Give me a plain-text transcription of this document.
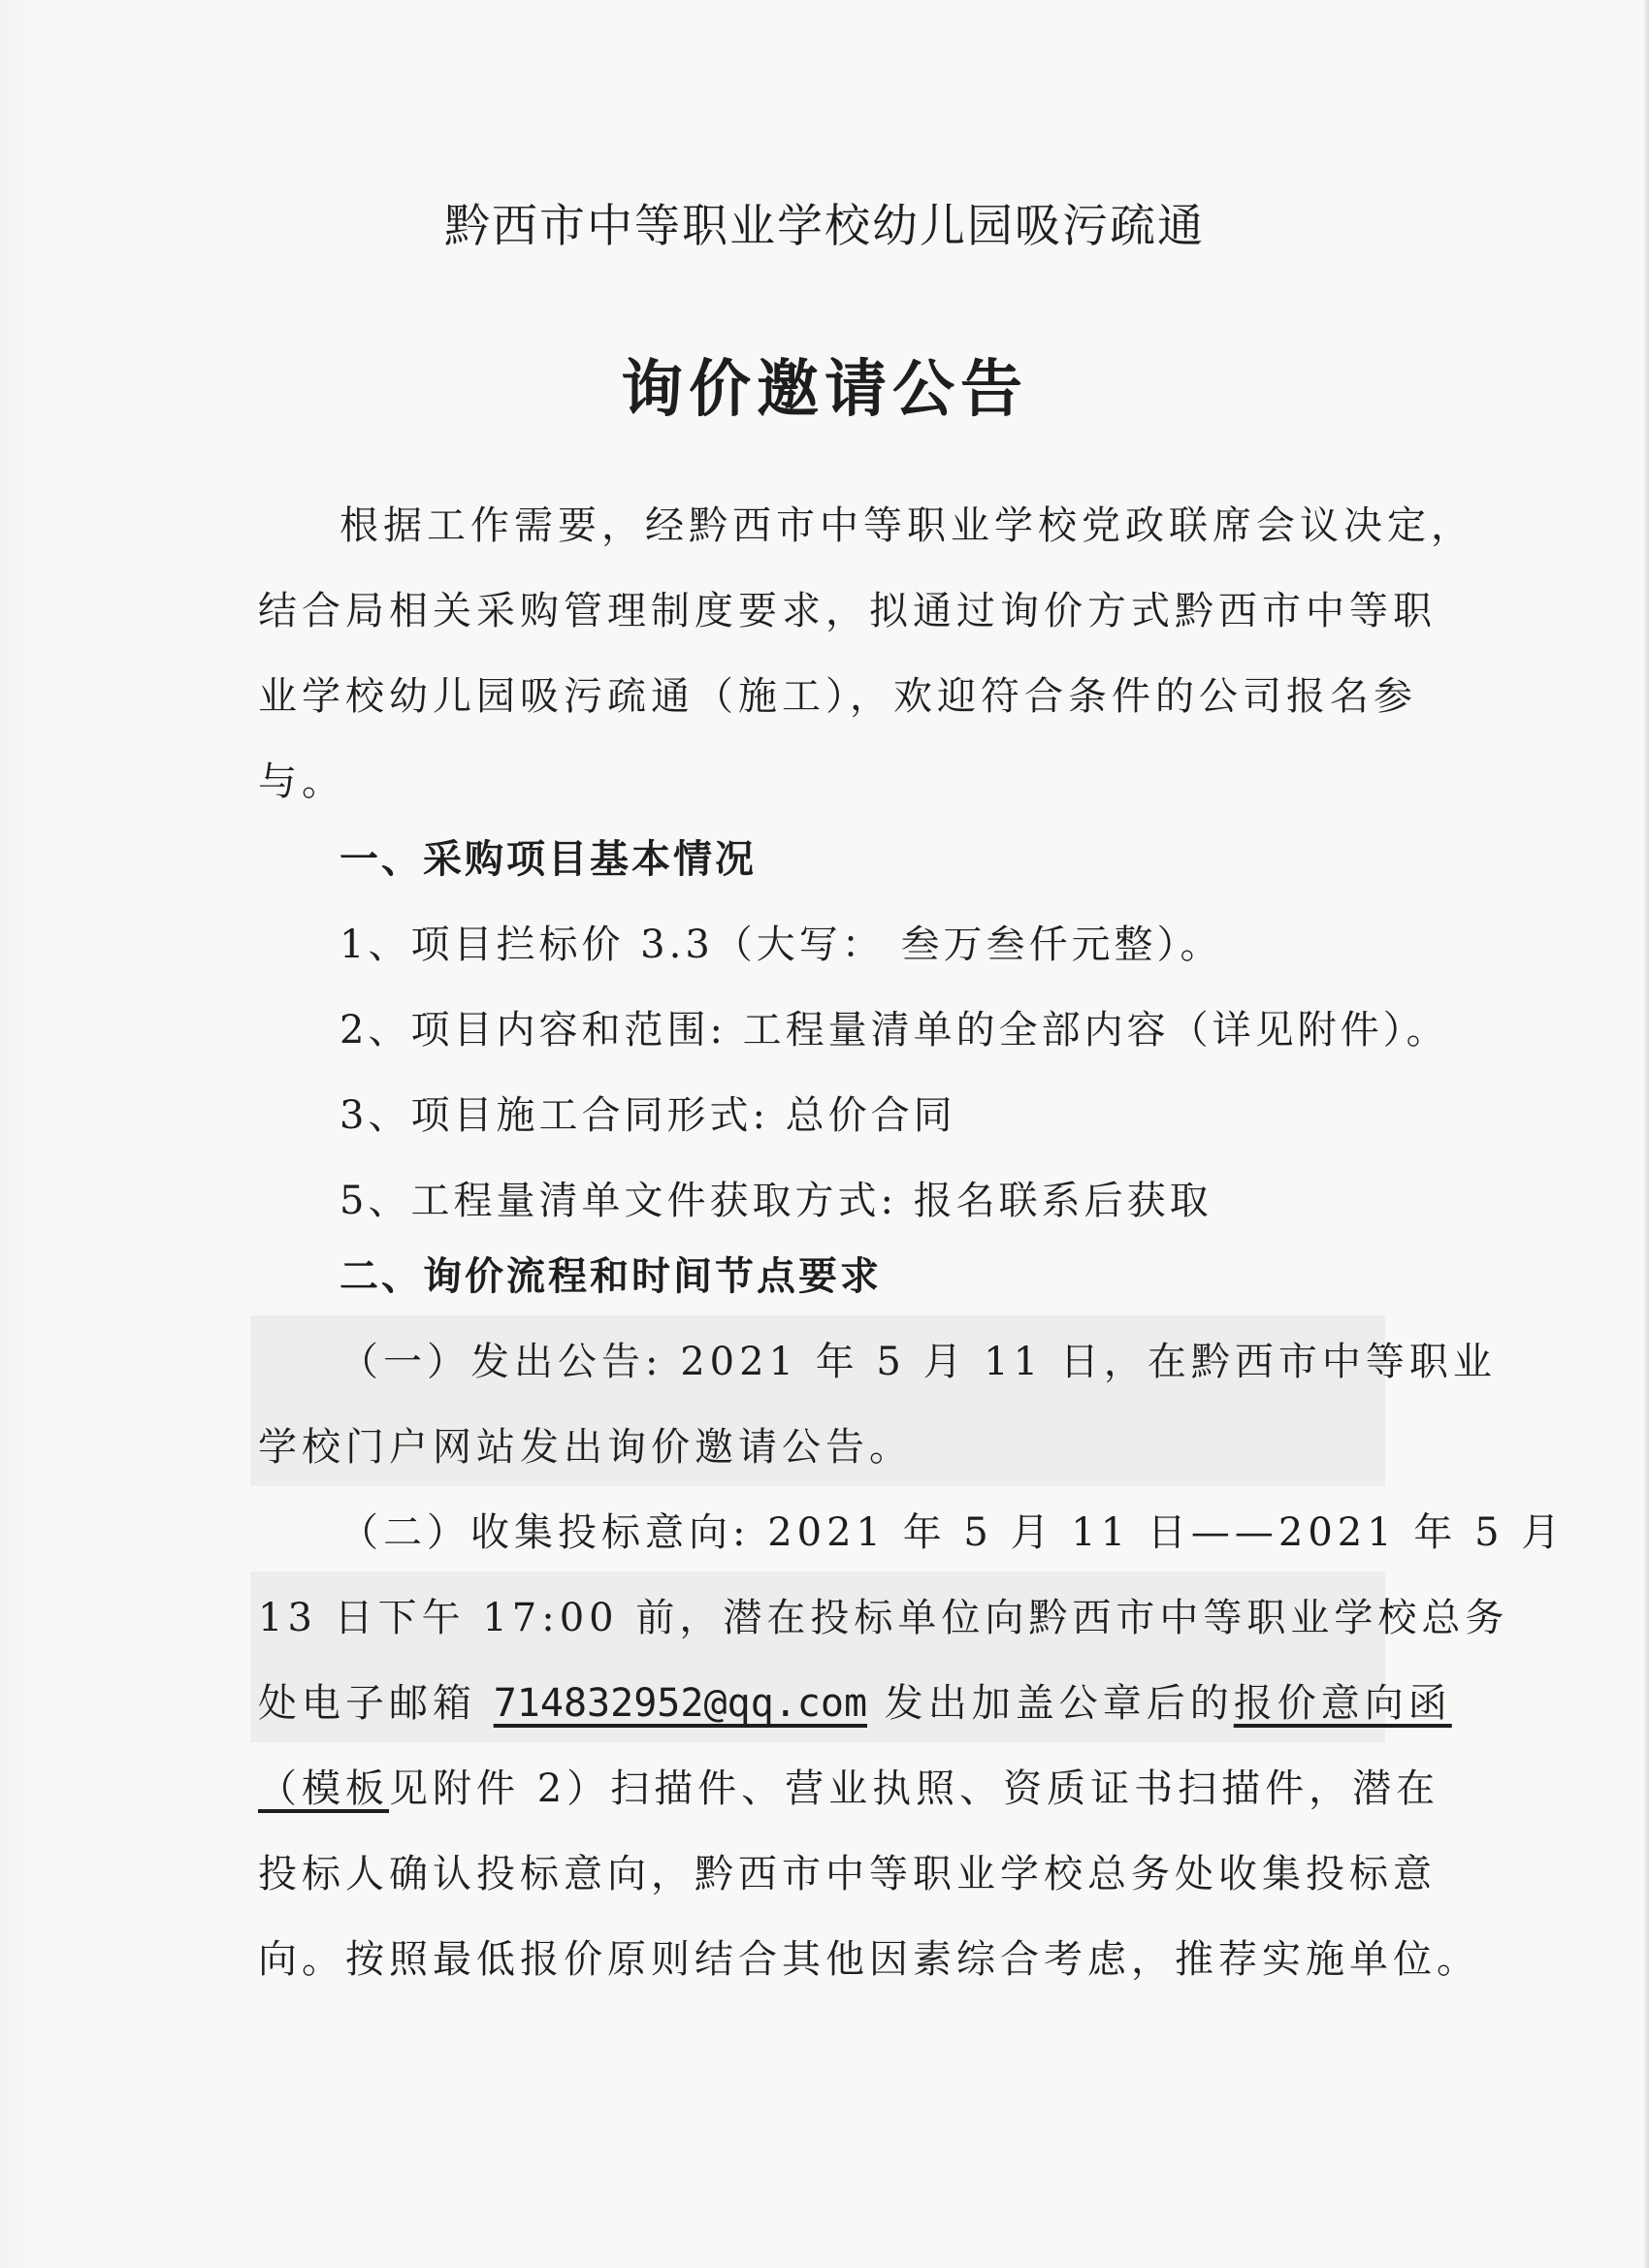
黔西市中等职业学校幼儿园吸污疏通
询价邀请公告
根据工作需要，经黔西市中等职业学校党政联席会议决定，
结合局相关采购管理制度要求，拟通过询价方式黔西市中等职
业学校幼儿园吸污疏通（施工），欢迎符合条件的公司报名参
与。
一、采购项目基本情况
1、项目拦标价 3.3（大写： 叁万叁仟元整）。
2、项目内容和范围: 工程量清单的全部内容（详见附件）。
3、项目施工合同形式: 总价合同
5、工程量清单文件获取方式: 报名联系后获取
二、询价流程和时间节点要求
（一）发出公告: 2021 年 5 月 11 日，在黔西市中等职业
学校门户网站发出询价邀请公告。
（二）收集投标意向: 2021 年 5 月 11 日——2021 年 5 月
13 日下午 17:00 前，潜在投标单位向黔西市中等职业学校总务
处电子邮箱 714832952@qq.com 发出加盖公章后的报价意向函
（模板见附件 2）扫描件、营业执照、资质证书扫描件，潜在
投标人确认投标意向，黔西市中等职业学校总务处收集投标意
向。按照最低报价原则结合其他因素综合考虑，推荐实施单位。
